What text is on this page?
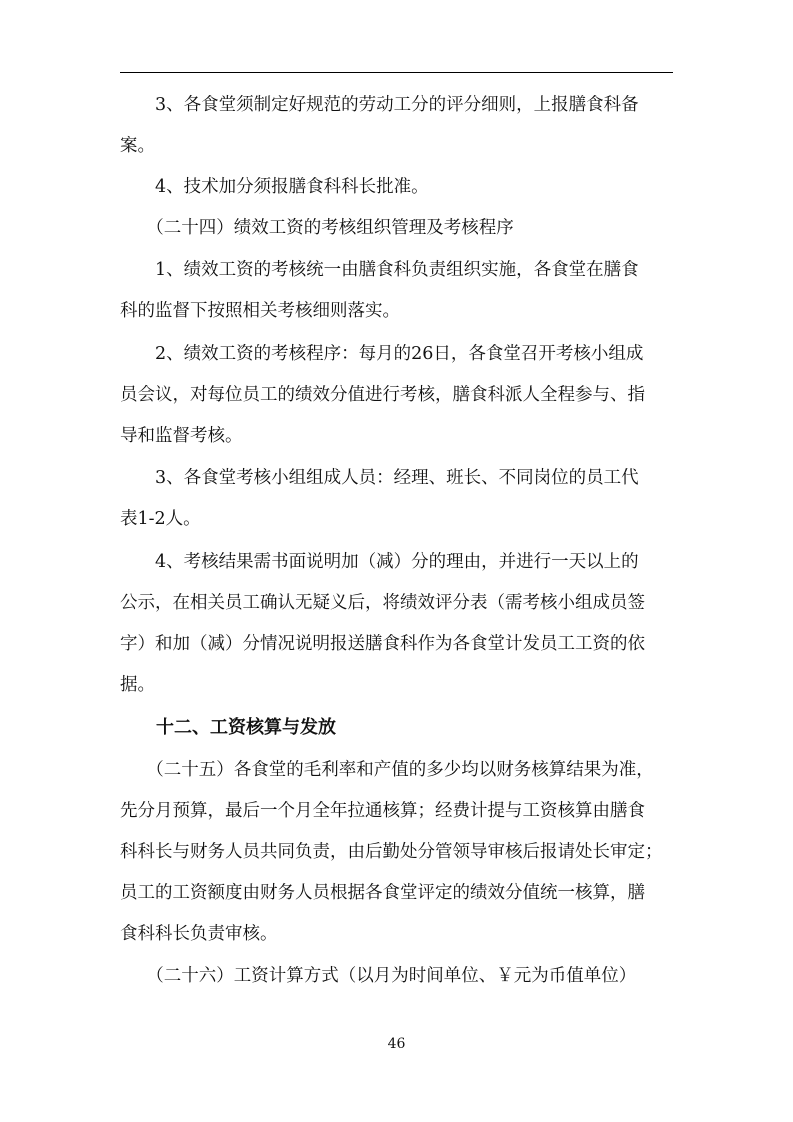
　　3、各食堂须制定好规范的劳动工分的评分细则，上报膳食科备
案。
　　4、技术加分须报膳食科科长批准。
　　（二十四）绩效工资的考核组织管理及考核程序
　　1、绩效工资的考核统一由膳食科负责组织实施，各食堂在膳食
科的监督下按照相关考核细则落实。
　　2、绩效工资的考核程序：每月的26日，各食堂召开考核小组成
员会议，对每位员工的绩效分值进行考核，膳食科派人全程参与、指
导和监督考核。
　　3、各食堂考核小组组成人员：经理、班长、不同岗位的员工代
表1-2人。
　　4、考核结果需书面说明加（减）分的理由，并进行一天以上的
公示，在相关员工确认无疑义后，将绩效评分表（需考核小组成员签
字）和加（减）分情况说明报送膳食科作为各食堂计发员工工资的依
据。
　　十二、工资核算与发放
　　（二十五）各食堂的毛利率和产值的多少均以财务核算结果为准，
先分月预算，最后一个月全年拉通核算；经费计提与工资核算由膳食
科科长与财务人员共同负责，由后勤处分管领导审核后报请处长审定；
员工的工资额度由财务人员根据各食堂评定的绩效分值统一核算，膳
食科科长负责审核。
　　（二十六）工资计算方式（以月为时间单位、￥元为币值单位）
46
